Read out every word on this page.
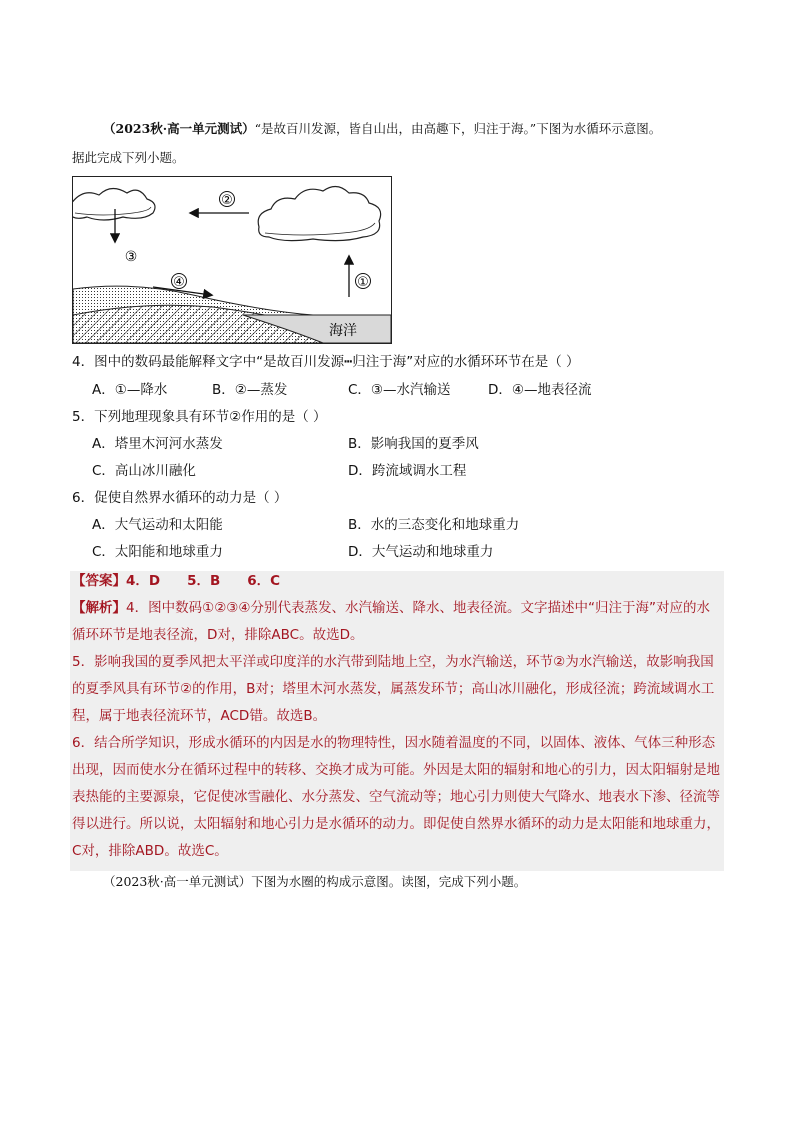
（2023秋·高一单元测试）“是故百川发源，皆自山出，由高趣下，归注于海。”下图为水循环示意图。
据此完成下列小题。
②
③
海洋
④	①
4．图中的数码最能解释文字中“是故百川发源┅归注于海”对应的水循环环节在是（ ）
A．①—降水	B．②—蒸发	C．③—水汽输送	D．④—地表径流
5．下列地理现象具有环节②作用的是（ ）
A．塔里木河河水蒸发	B．影响我国的夏季风
C．高山冰川融化	D．跨流域调水工程
6．促使自然界水循环的动力是（ ）
A．大气运动和太阳能	B．水的三态变化和地球重力
C．太阳能和地球重力	D．大气运动和地球重力
【答案】4．D　　5．B　　6．C
【解析】4．图中数码①②③④分别代表蒸发、水汽输送、降水、地表径流。文字描述中“归注于海”对应的水循环环节是地表径流，D对，排除ABC。故选D。
5．影响我国的夏季风把太平洋或印度洋的水汽带到陆地上空，为水汽输送，环节②为水汽输送，故影响我国的夏季风具有环节②的作用，B对；塔里木河水蒸发，属蒸发环节；高山冰川融化，形成径流；跨流域调水工程，属于地表径流环节，ACD错。故选B。
6．结合所学知识，形成水循环的内因是水的物理特性，因水随着温度的不同，以固体、液体、气体三种形态出现，因而使水分在循环过程中的转移、交换才成为可能。外因是太阳的辐射和地心的引力，因太阳辐射是地表热能的主要源泉，它促使冰雪融化、水分蒸发、空气流动等；地心引力则使大气降水、地表水下渗、径流等得以进行。所以说，太阳辐射和地心引力是水循环的动力。即促使自然界水循环的动力是太阳能和地球重力，C对，排除ABD。故选C。
（2023秋·高一单元测试）下图为水圈的构成示意图。读图，完成下列小题。
